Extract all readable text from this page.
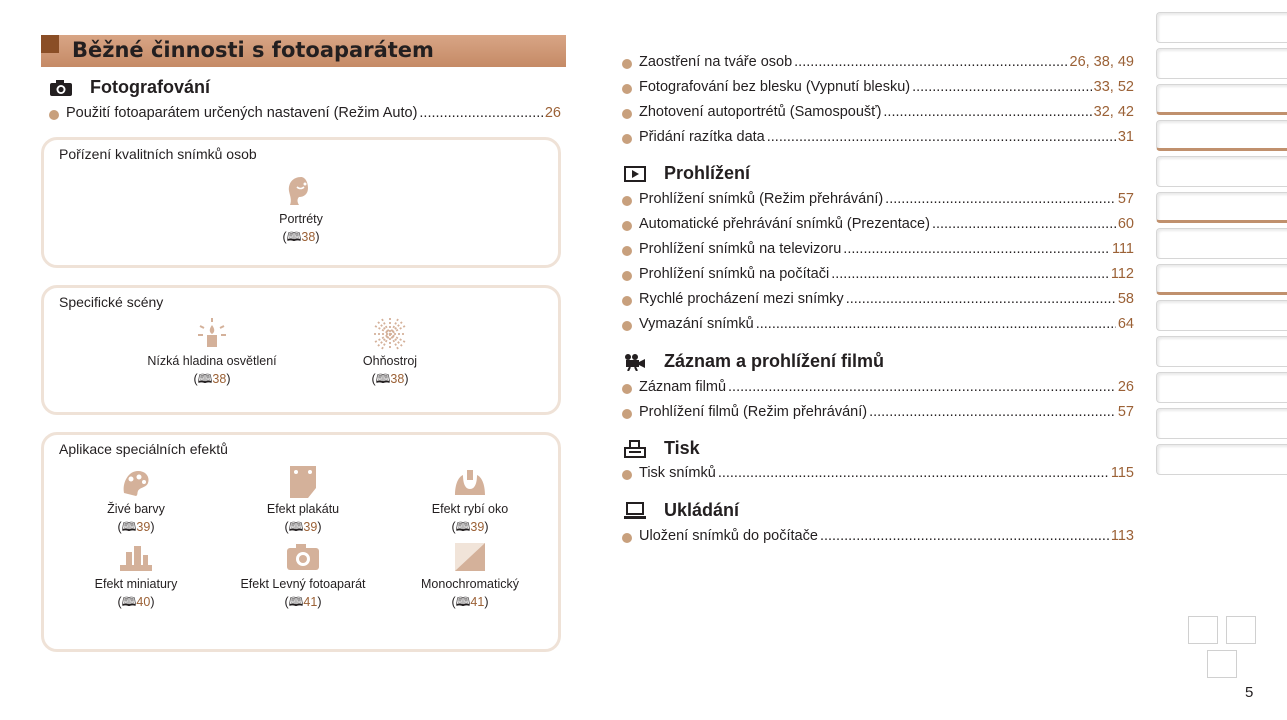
Běžné činnosti s fotoaparátem
Fotografování
Použití fotoaparátem určených nastavení (Režim Auto) .....	26
Pořízení kvalitních snímků osob
Portréty
(🕮38)
Specifické scény
Nízká hladina osvětlení
(🕮38)
Ohňostroj
(🕮38)
Aplikace speciálních efektů
Živé barvy
(🕮39)
Efekt plakátu
(🕮39)
Efekt rybí oko
(🕮39)
Efekt miniatury
(🕮40)
Efekt Levný fotoaparát
(🕮41)
Monochromatický
(🕮41)
Zaostření na tváře osob .....	26, 38, 49
Fotografování bez blesku (Vypnutí blesku) .....	33, 52
Zhotovení autoportrétů (Samospoušť) .....	32, 42
Přidání razítka data .....	31
Prohlížení
Prohlížení snímků (Režim přehrávání) .....	57
Automatické přehrávání snímků (Prezentace) .....	60
Prohlížení snímků na televizoru .....	111
Prohlížení snímků na počítači .....	112
Rychlé procházení mezi snímky .....	58
Vymazání snímků .....	64
Záznam a prohlížení filmů
Záznam filmů .....	26
Prohlížení filmů (Režim přehrávání) .....	57
Tisk
Tisk snímků .....	115
Ukládání
Uložení snímků do počítače .....	113
5
